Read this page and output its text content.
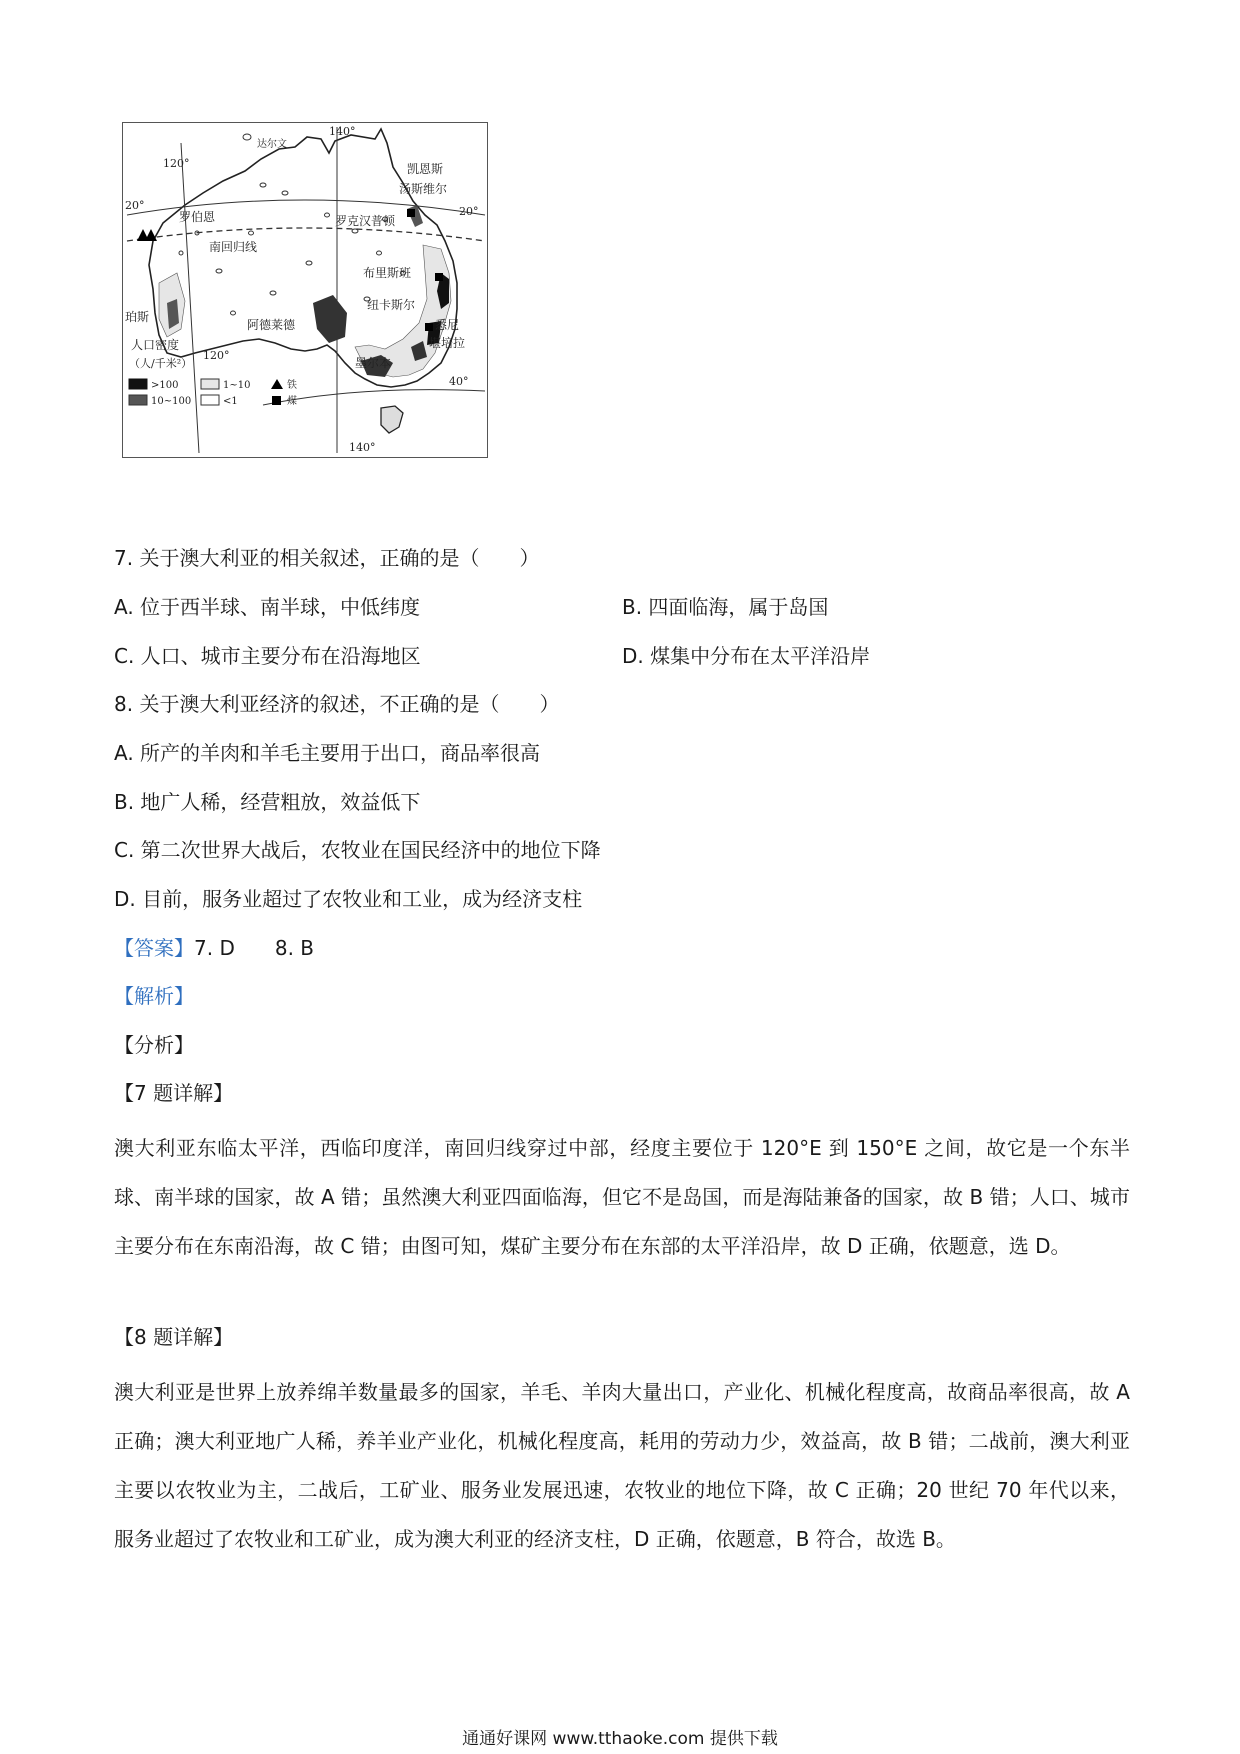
140°
120°
120°
140°
20°	20°
40°
南回归线
达尔文
凯恩斯
汤斯维尔
罗伯恩	罗克汉普顿
布里斯班
纽卡斯尔
珀斯
阿德莱德	悉尼
堪培拉
墨尔本
人口密度
（人/千米²）
>100	1~10	铁
10~100	<1	煤
7. 关于澳大利亚的相关叙述，正确的是（　　）
A. 位于西半球、南半球，中低纬度	B. 四面临海，属于岛国
C. 人口、城市主要分布在沿海地区	D. 煤集中分布在太平洋沿岸
8. 关于澳大利亚经济的叙述，不正确的是（　　）
A. 所产的羊肉和羊毛主要用于出口，商品率很高
B. 地广人稀，经营粗放，效益低下
C. 第二次世界大战后，农牧业在国民经济中的地位下降
D. 目前，服务业超过了农牧业和工业，成为经济支柱
【答案】7. D 8. B
【解析】
【分析】
【7 题详解】
澳大利亚东临太平洋，西临印度洋，南回归线穿过中部，经度主要位于 120°E 到 150°E 之间，故它是一个东半球、南半球的国家，故 A 错；虽然澳大利亚四面临海，但它不是岛国，而是海陆兼备的国家，故 B 错；人口、城市主要分布在东南沿海，故 C 错；由图可知，煤矿主要分布在东部的太平洋沿岸，故 D 正确，依题意，选 D。
【8 题详解】
澳大利亚是世界上放养绵羊数量最多的国家，羊毛、羊肉大量出口，产业化、机械化程度高，故商品率很高，故 A 正确；澳大利亚地广人稀，养羊业产业化，机械化程度高，耗用的劳动力少，效益高，故 B 错；二战前，澳大利亚主要以农牧业为主，二战后，工矿业、服务业发展迅速，农牧业的地位下降，故 C 正确；20 世纪 70 年代以来，服务业超过了农牧业和工矿业，成为澳大利亚的经济支柱，D 正确，依题意，B 符合，故选 B。
通通好课网 www.tthaoke.com 提供下载
